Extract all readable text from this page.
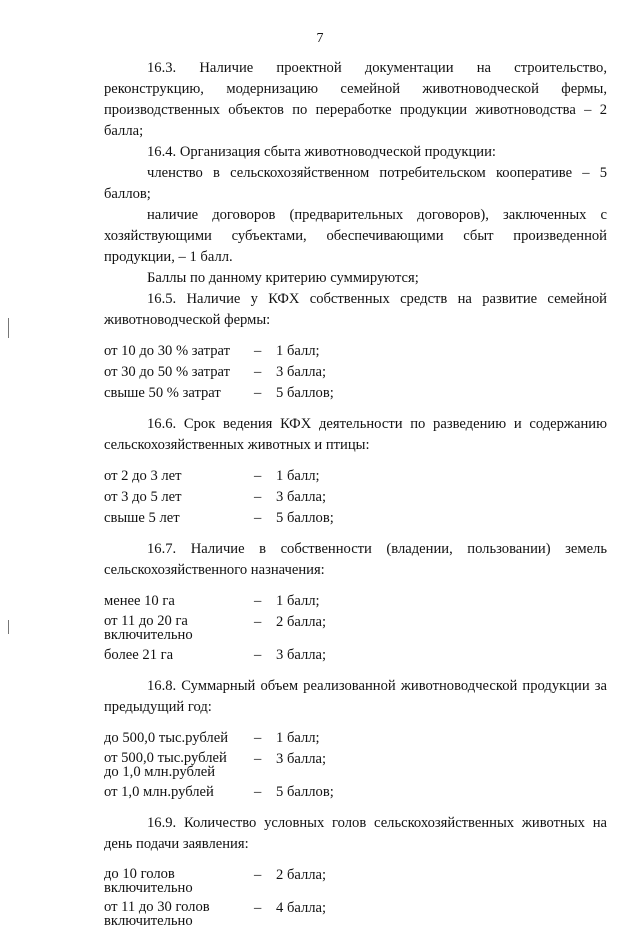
7

16.3. Наличие проектной документации на строительство, реконструкцию, модернизацию семейной животноводческой фермы, производственных объектов по переработке продукции животноводства – 2 балла;

16.4. Организация сбыта животноводческой продукции:

членство в сельскохозяйственном потребительском кооперативе – 5 баллов;

наличие договоров (предварительных договоров), заключенных с хозяйствующими субъектами, обеспечивающими сбыт произведенной продукции, – 1 балл.

Баллы по данному критерию суммируются;

16.5. Наличие у КФХ собственных средств на развитие семейной животноводческой фермы:

от 10 до 30 % затрат	–	1 балл;
от 30 до 50 % затрат	–	3 балла;
свыше 50 % затрат	–	5 баллов;

16.6. Срок ведения КФХ деятельности по разведению и содержанию сельскохозяйственных животных и птицы:

от 2 до 3 лет	–	1 балл;
от 3 до 5 лет	–	3 балла;
свыше 5 лет	–	5 баллов;

16.7. Наличие в собственности (владении, пользовании) земель сельскохозяйственного назначения:

менее 10 га	–	1 балл;
от 11 до 20 га
включительно
–	2 балла;
более 21 га	–	3 балла;

16.8. Суммарный объем реализованной животноводческой продукции за предыдущий год:

до 500,0 тыс.рублей	–	1 балл;
от 500,0 тыс.рублей
до 1,0 млн.рублей
–	3 балла;
от 1,0 млн.рублей	–	5 баллов;

16.9. Количество условных голов сельскохозяйственных животных на день подачи заявления:

до 10 голов
включительно
–	2 балла;
от 11 до 30 голов
включительно
–	4 балла;
